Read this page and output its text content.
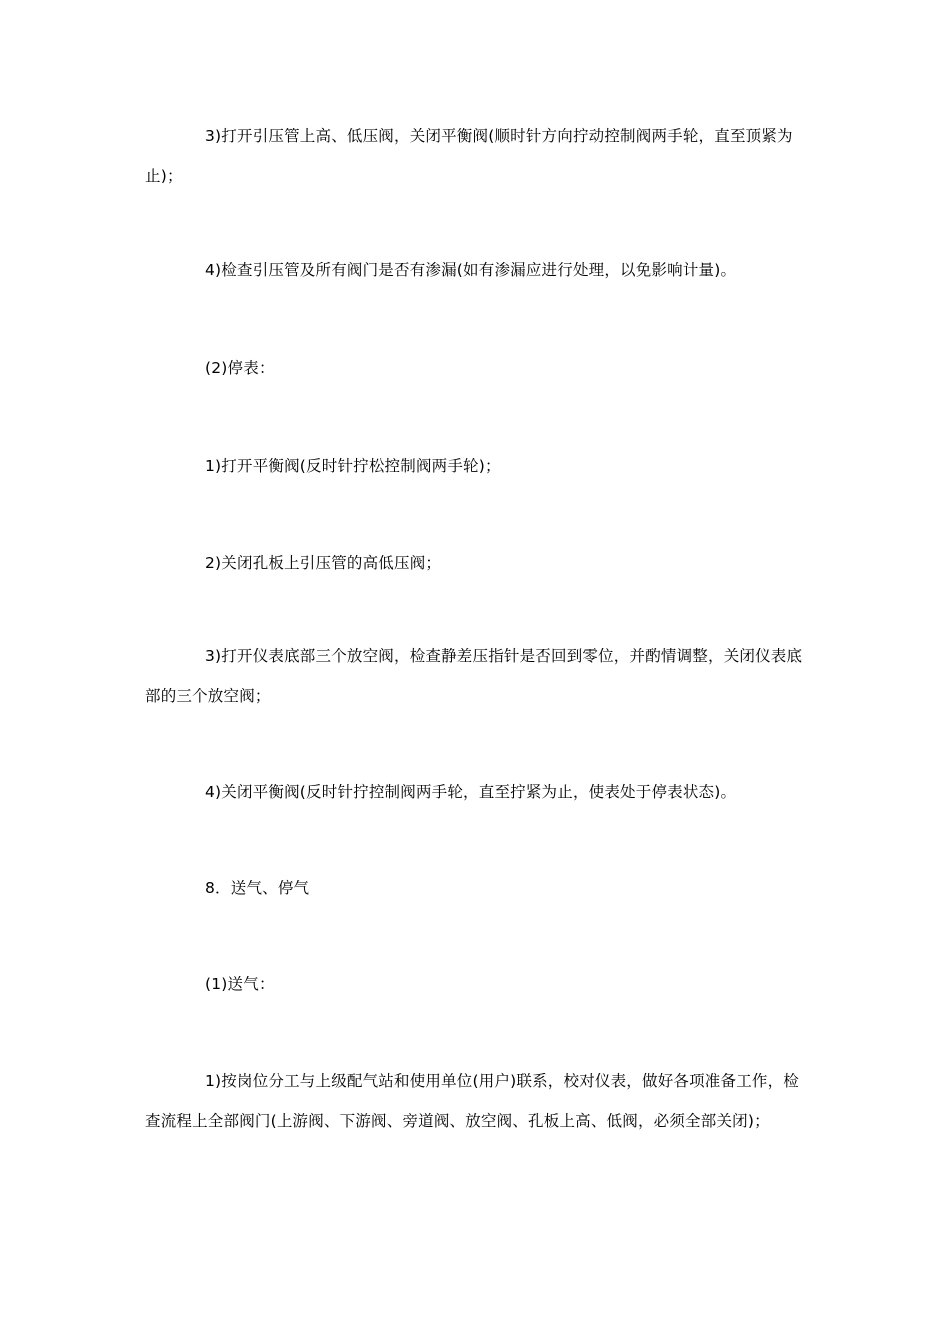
3)打开引压管上高、低压阀，关闭平衡阀(顺时针方向拧动控制阀两手轮，直至顶紧为止)；

4)检查引压管及所有阀门是否有渗漏(如有渗漏应进行处理，以免影响计量)。

(2)停表：

1)打开平衡阀(反时针拧松控制阀两手轮)；

2)关闭孔板上引压管的高低压阀；

3)打开仪表底部三个放空阀，检查静差压指针是否回到零位，并酌情调整，关闭仪表底部的三个放空阀；

4)关闭平衡阀(反时针拧控制阀两手轮，直至拧紧为止，使表处于停表状态)。

8．送气、停气

(1)送气：

1)按岗位分工与上级配气站和使用单位(用户)联系，校对仪表，做好各项准备工作，检查流程上全部阀门(上游阀、下游阀、旁道阀、放空阀、孔板上高、低阀，必须全部关闭)；
